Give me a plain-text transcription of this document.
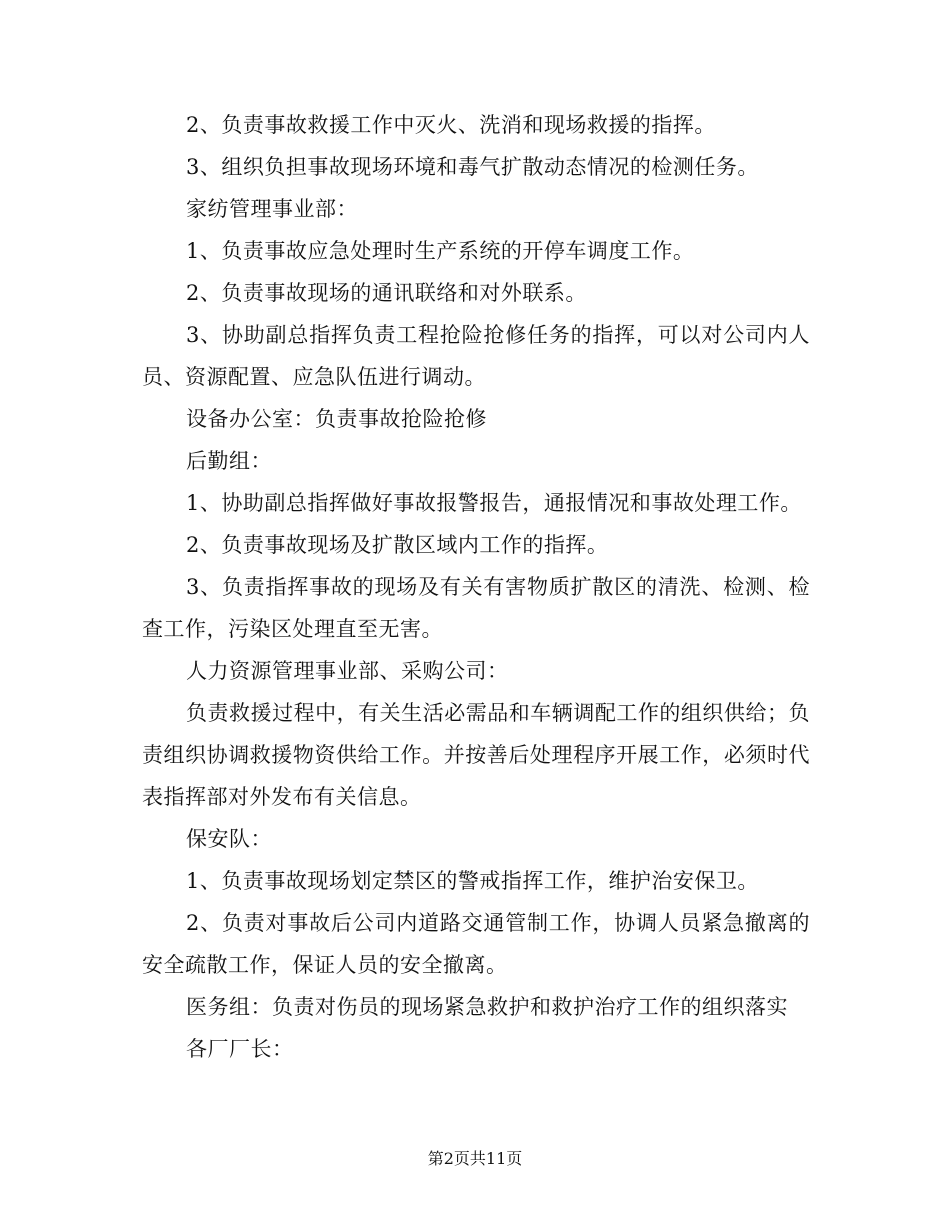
2、负责事故救援工作中灭火、洗消和现场救援的指挥。

3、组织负担事故现场环境和毒气扩散动态情况的检测任务。

家纺管理事业部：

1、负责事故应急处理时生产系统的开停车调度工作。

2、负责事故现场的通讯联络和对外联系。

3、协助副总指挥负责工程抢险抢修任务的指挥，可以对公司内人员、资源配置、应急队伍进行调动。

设备办公室：负责事故抢险抢修

后勤组：

1、协助副总指挥做好事故报警报告，通报情况和事故处理工作。

2、负责事故现场及扩散区域内工作的指挥。

3、负责指挥事故的现场及有关有害物质扩散区的清洗、检测、检查工作，污染区处理直至无害。

人力资源管理事业部、采购公司：

负责救援过程中，有关生活必需品和车辆调配工作的组织供给；负责组织协调救援物资供给工作。并按善后处理程序开展工作，必须时代表指挥部对外发布有关信息。

保安队：

1、负责事故现场划定禁区的警戒指挥工作，维护治安保卫。

2、负责对事故后公司内道路交通管制工作，协调人员紧急撤离的安全疏散工作，保证人员的安全撤离。

医务组：负责对伤员的现场紧急救护和救护治疗工作的组织落实

各厂厂长：

第2页共11页
